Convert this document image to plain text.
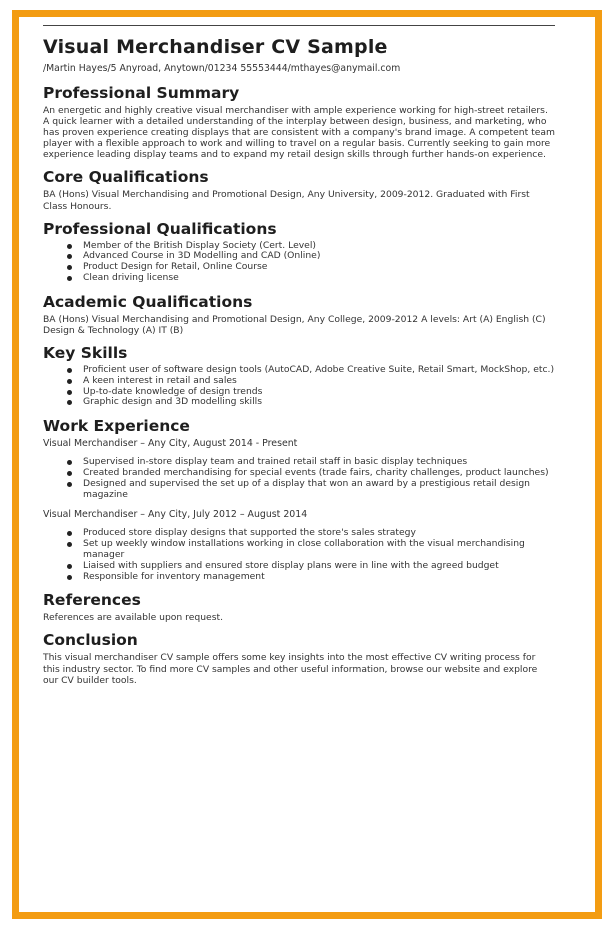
Visual Merchandiser CV Sample
/Martin Hayes/5 Anyroad, Anytown/01234 55553444/mthayes@anymail.com
Professional Summary

An energetic and highly creative visual merchandiser with ample experience working for high-street retailers. A quick learner with a detailed understanding of the interplay between design, business, and marketing, who has proven experience creating displays that are consistent with a company's brand image. A competent team player with a flexible approach to work and willing to travel on a regular basis. Currently seeking to gain more experience leading display teams and to expand my retail design skills through further hands-on experience.

Core Qualifications

BA (Hons) Visual Merchandising and Promotional Design, Any University, 2009-2012. Graduated with First Class Honours.

Professional Qualifications
Member of the British Display Society (Cert. Level)
Advanced Course in 3D Modelling and CAD (Online)
Product Design for Retail, Online Course
Clean driving license
Academic Qualifications

BA (Hons) Visual Merchandising and Promotional Design, Any College, 2009-2012 A levels: Art (A) English (C) Design & Technology (A) IT (B)

Key Skills
Proficient user of software design tools (AutoCAD, Adobe Creative Suite, Retail Smart, MockShop, etc.)
A keen interest in retail and sales
Up-to-date knowledge of design trends
Graphic design and 3D modelling skills
Work Experience
Visual Merchandiser – Any City, August 2014 - Present
Supervised in-store display team and trained retail staff in basic display techniques
Created branded merchandising for special events (trade fairs, charity challenges, product launches)
Designed and supervised the set up of a display that won an award by a prestigious retail design magazine
Visual Merchandiser – Any City, July 2012 – August 2014
Produced store display designs that supported the store's sales strategy
Set up weekly window installations working in close collaboration with the visual merchandising manager
Liaised with suppliers and ensured store display plans were in line with the agreed budget
Responsible for inventory management
References

References are available upon request.

Conclusion

This visual merchandiser CV sample offers some key insights into the most effective CV writing process for this industry sector. To find more CV samples and other useful information, browse our website and explore our CV builder tools.
